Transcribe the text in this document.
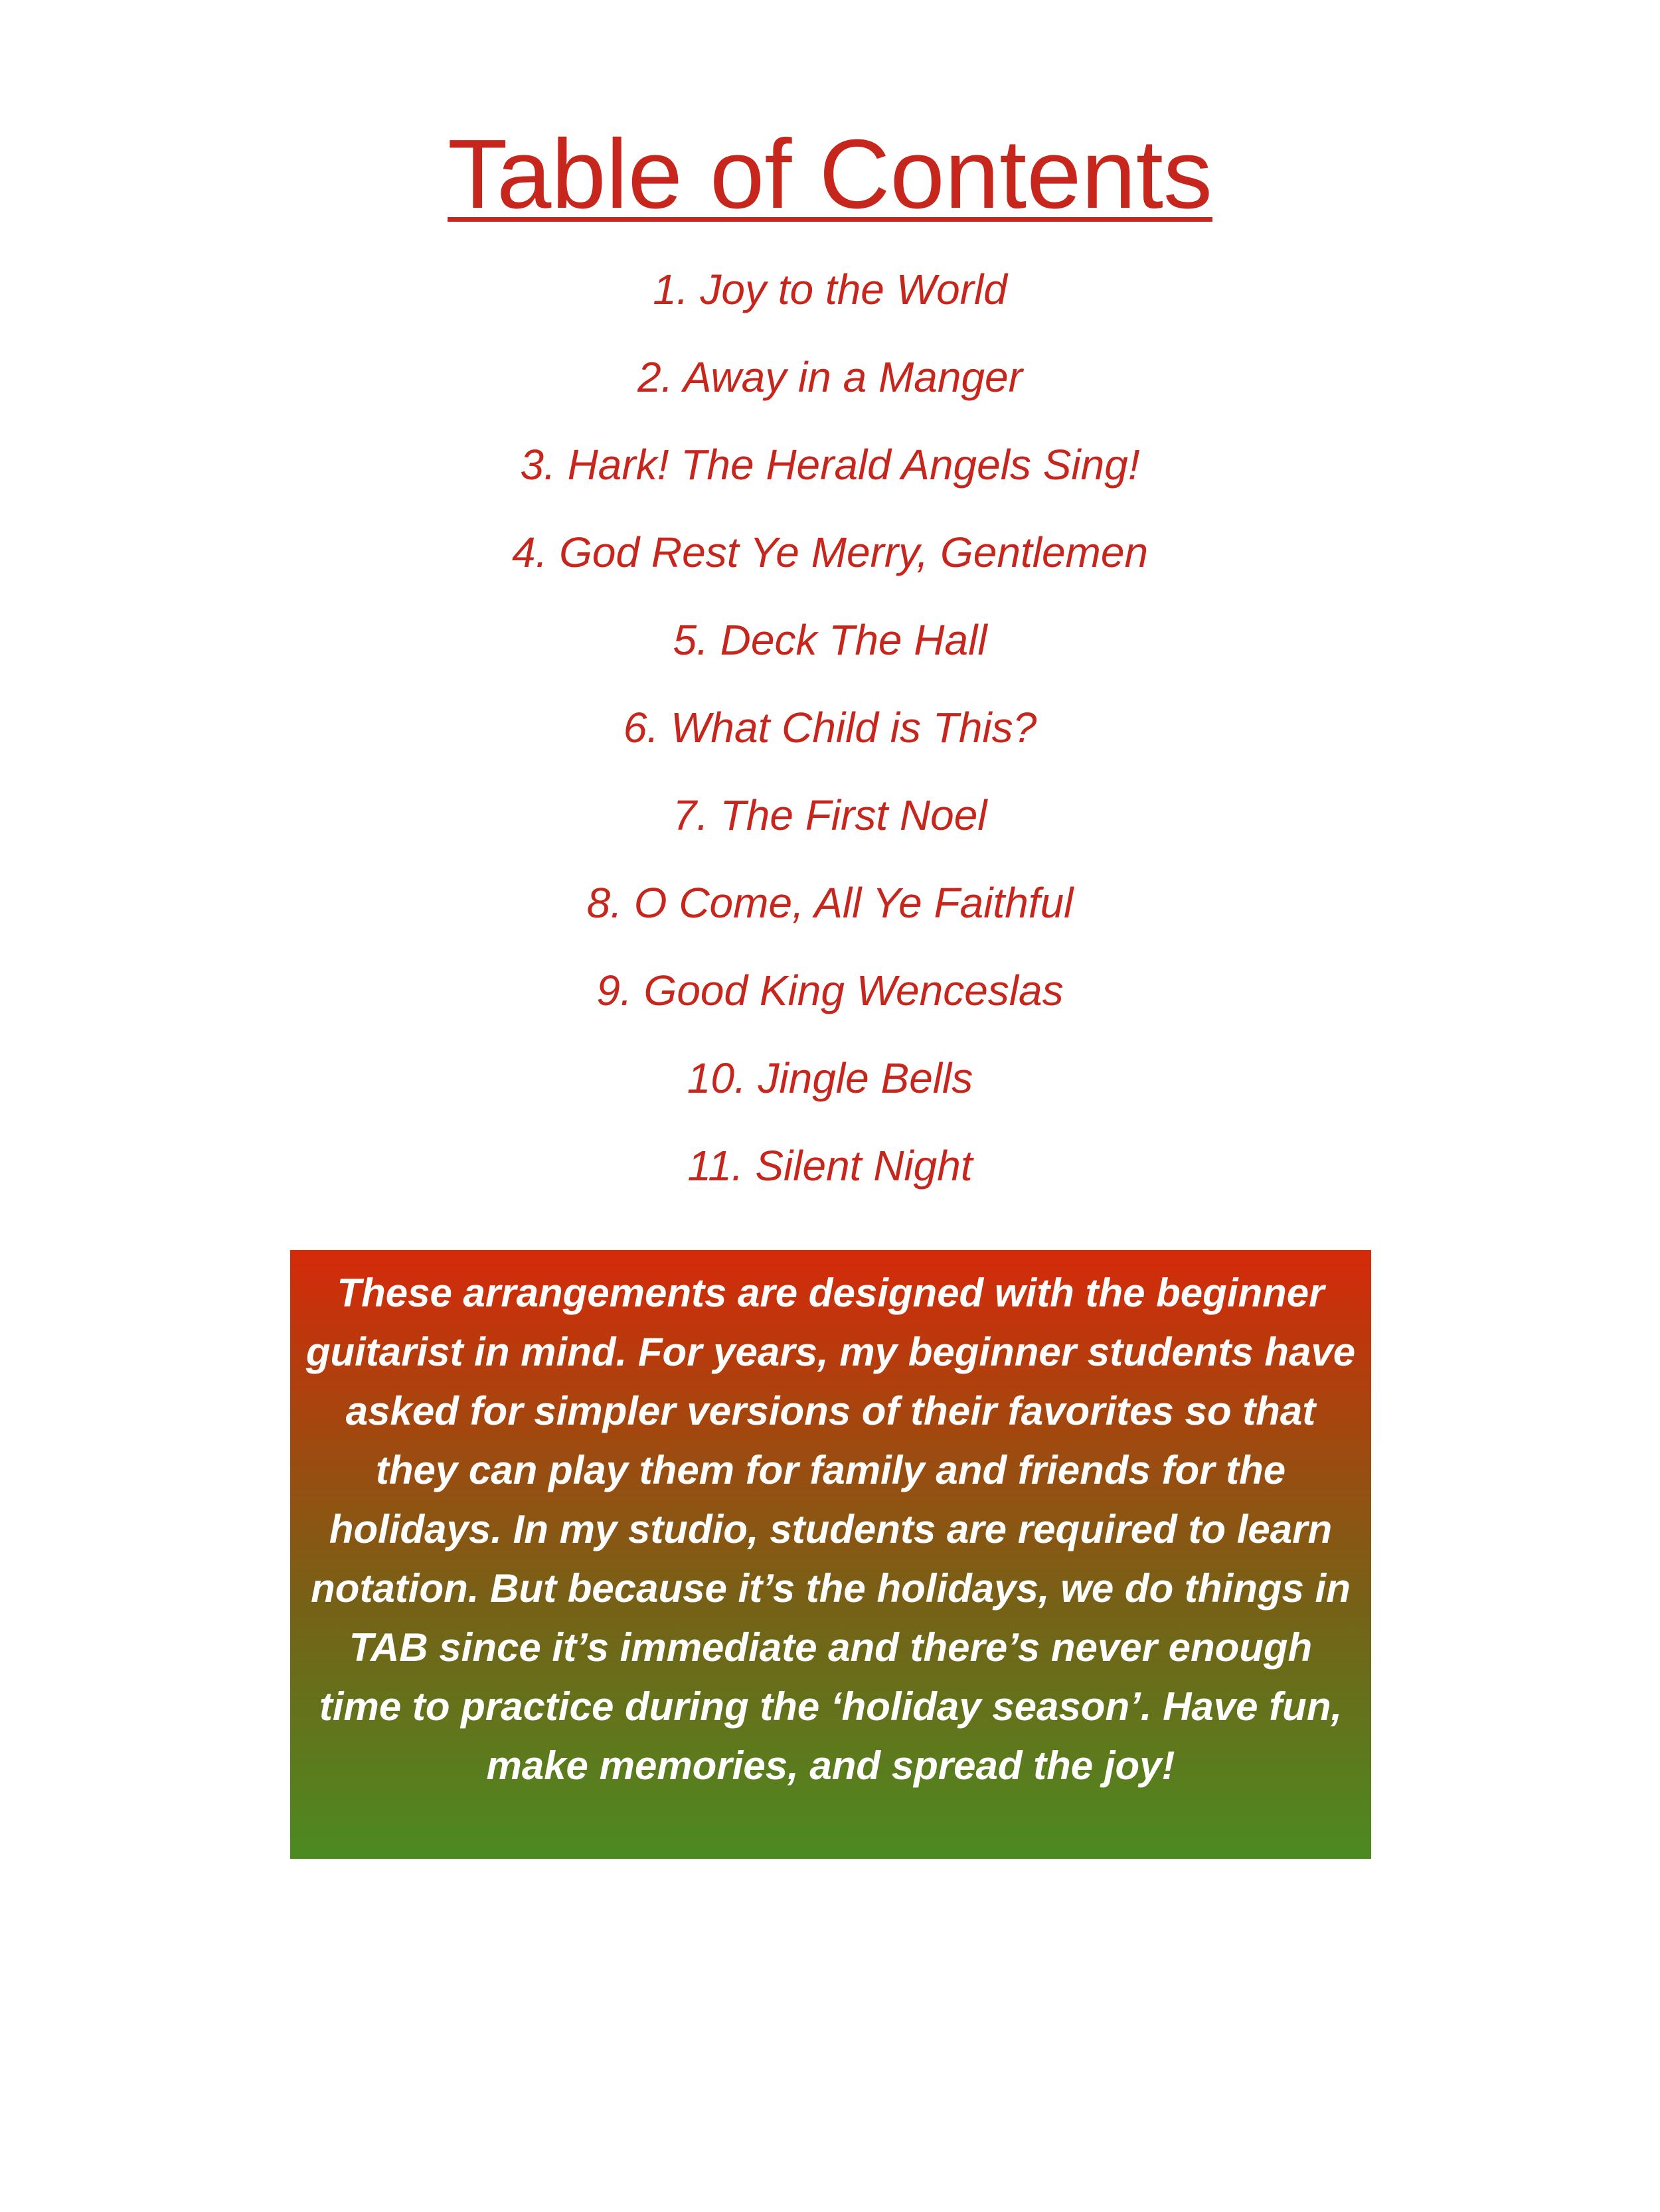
Table of Contents
1. Joy to the World
2. Away in a Manger
3. Hark! The Herald Angels Sing!
4. God Rest Ye Merry, Gentlemen
5. Deck The Hall
6. What Child is This?
7. The First Noel
8. O Come, All Ye Faithful
9. Good King Wenceslas
10. Jingle Bells
11. Silent Night

These arrangements are designed with the beginner guitarist in mind. For years, my beginner students have asked for simpler versions of their favorites so that they can play them for family and friends for the holidays. In my studio, students are required to learn notation. But because it’s the holidays, we do things in TAB since it’s immediate and there’s never enough time to practice during the ‘holiday season’. Have fun, make memories, and spread the joy!
